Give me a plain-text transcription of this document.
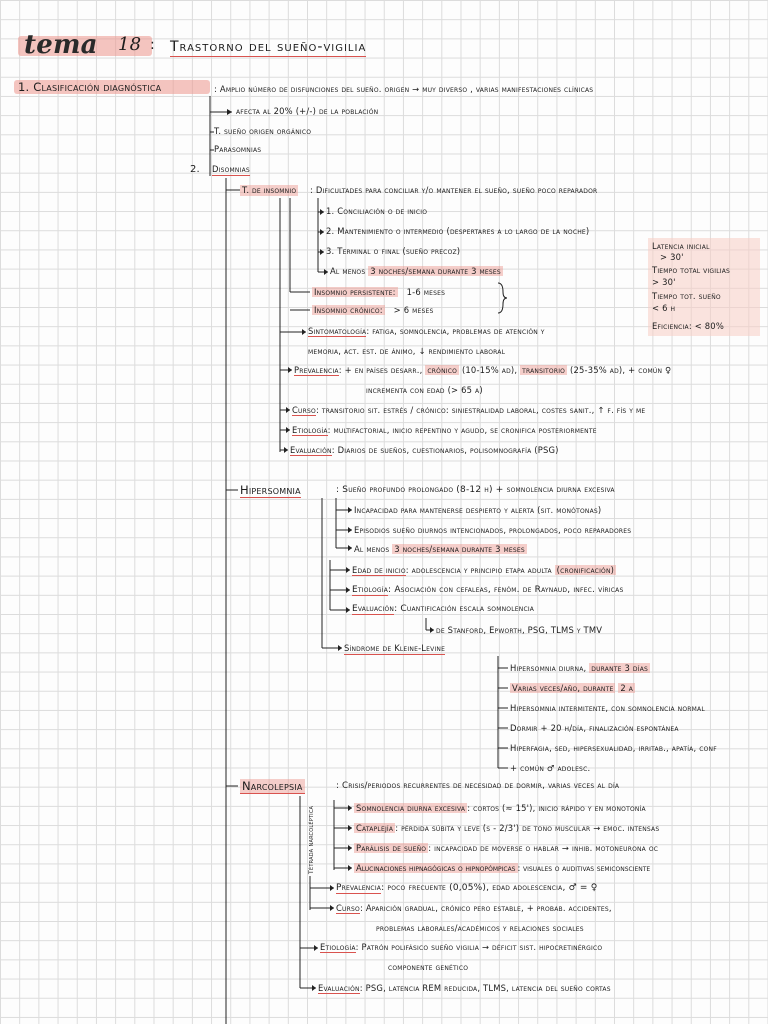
tema 18 : Trastorno del sueño-vigilia
1. Clasificación diagnóstica	: Amplio número de disfunciones del sueño. origen → muy diverso , varias manifestaciones clínicas
afecta al 20% (+/-) de la población
T. sueño origen orgánico
Parasomnias
2. Disomnias
T. de insomnio : Dificultades para conciliar y/o mantener el sueño, sueño poco reparador
1. Conciliación o de inicio
2. Mantenimiento o intermedio (despertares a lo largo de la noche)
3. Terminal o final (sueño precoz)
Al menos 3 noches/semana durante 3 meses
Insomnio persistente: 1-6 meses
Insomnio crónico: > 6 meses
Sintomatología: fatiga, somnolencia, problemas de atención y
memoria, act. est. de ánimo, ↓ rendimiento laboral
Prevalencia: + en países desarr., crónico (10-15% ad), transitorio (25-35% ad), + común ♀
incrementa con edad (> 65 a)
Curso: transitorio sit. estrés / crónico: siniestralidad laboral, costes sanit., ↑ f. fís y me
Etiología: multifactorial, inicio repentino y agudo, se cronifica posteriormente
Evaluación: Diarios de sueños, cuestionarios, polisomnografía (PSG)
Latencia inicial
> 30'
Tiempo total vigilias
> 30'
Tiempo tot. sueño
< 6 h
Eficiencia: < 80%
Hipersomnia	: Sueño profundo prolongado (8-12 h) + somnolencia diurna excesiva
Incapacidad para mantenerse despierto y alerta (sit. monótonas)
Episodios sueño diurnos intencionados, prolongados, poco reparadores
Al menos 3 noches/semana durante 3 meses
Edad de inicio: adolescencia y principio etapa adulta (cronificación)
Etiología: Asociación con cefaleas, fenóm. de Raynaud, infec. víricas
Evaluación: Cuantificación escala somnolencia
de Stanford, Epworth, PSG, TLMS y TMV
Síndrome de Kleine-Levine
Hipersomnia diurna, durante 3 días
Varias veces/año, durante 2 a
Hipersomnia intermitente, con somnolencia normal
Dormir + 20 h/día, finalización espontánea
Hiperfagia, sed, hipersexualidad, irritab., apatía, conf
+ común ♂ adolesc.
Narcolepsia	: Crisis/periodos recurrentes de necesidad de dormir, varias veces al día
Tétrada narcoléptica	Somnolencia diurna excesiva : cortos (≈ 15'), inicio rápido y en monotonía
Cataplejía : pérdida súbita y leve (s - 2/3') de tono muscular → emoc. intensas
Parálisis de sueño : incapacidad de moverse o hablar → inhib. motoneurona oc
Alucinaciones hipnagógicas o hipnopómpicas : visuales o auditivas semiconsciente
Prevalencia: poco frecuente (0,05%), edad adolescencia, ♂ = ♀
Curso: Aparición gradual, crónico pero estable, + probab. accidentes,
problemas laborales/académicos y relaciones sociales
Etiología: Patrón polifásico sueño vigilia → déficit sist. hipocretinérgico
componente genético
Evaluación: PSG, latencia REM reducida, TLMS, latencia del sueño cortas
